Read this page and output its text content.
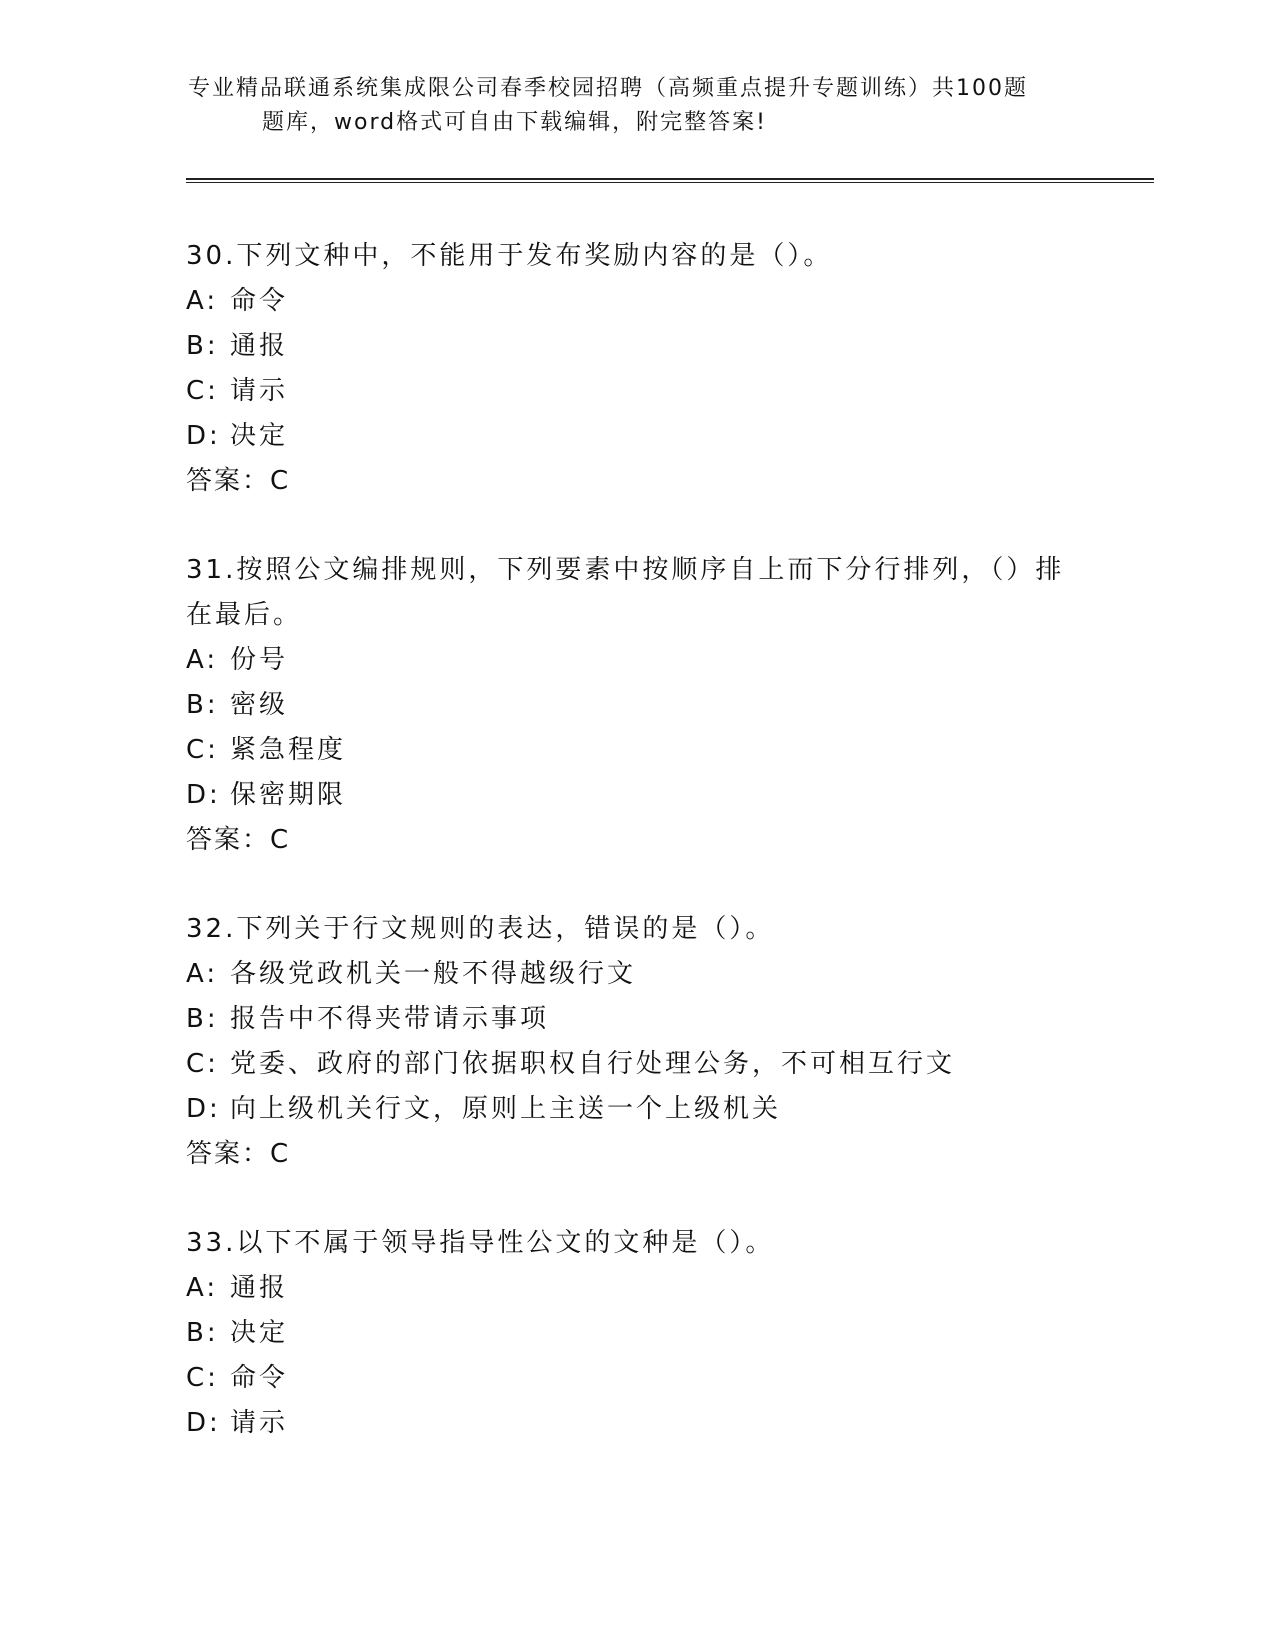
专业精品联通系统集成限公司春季校园招聘（高频重点提升专题训练）共100题
题库，word格式可自由下载编辑，附完整答案!

30.下列文种中，不能用于发布奖励内容的是（）。

A: 命令

B: 通报

C: 请示

D: 决定

答案：C

31.按照公文编排规则，下列要素中按顺序自上而下分行排列，（）排在最后。

A: 份号

B: 密级

C: 紧急程度

D: 保密期限

答案：C

32.下列关于行文规则的表达，错误的是（）。

A: 各级党政机关一般不得越级行文

B: 报告中不得夹带请示事项

C: 党委、政府的部门依据职权自行处理公务，不可相互行文

D: 向上级机关行文，原则上主送一个上级机关

答案：C

33.以下不属于领导指导性公文的文种是（）。

A: 通报

B: 决定

C: 命令

D: 请示
